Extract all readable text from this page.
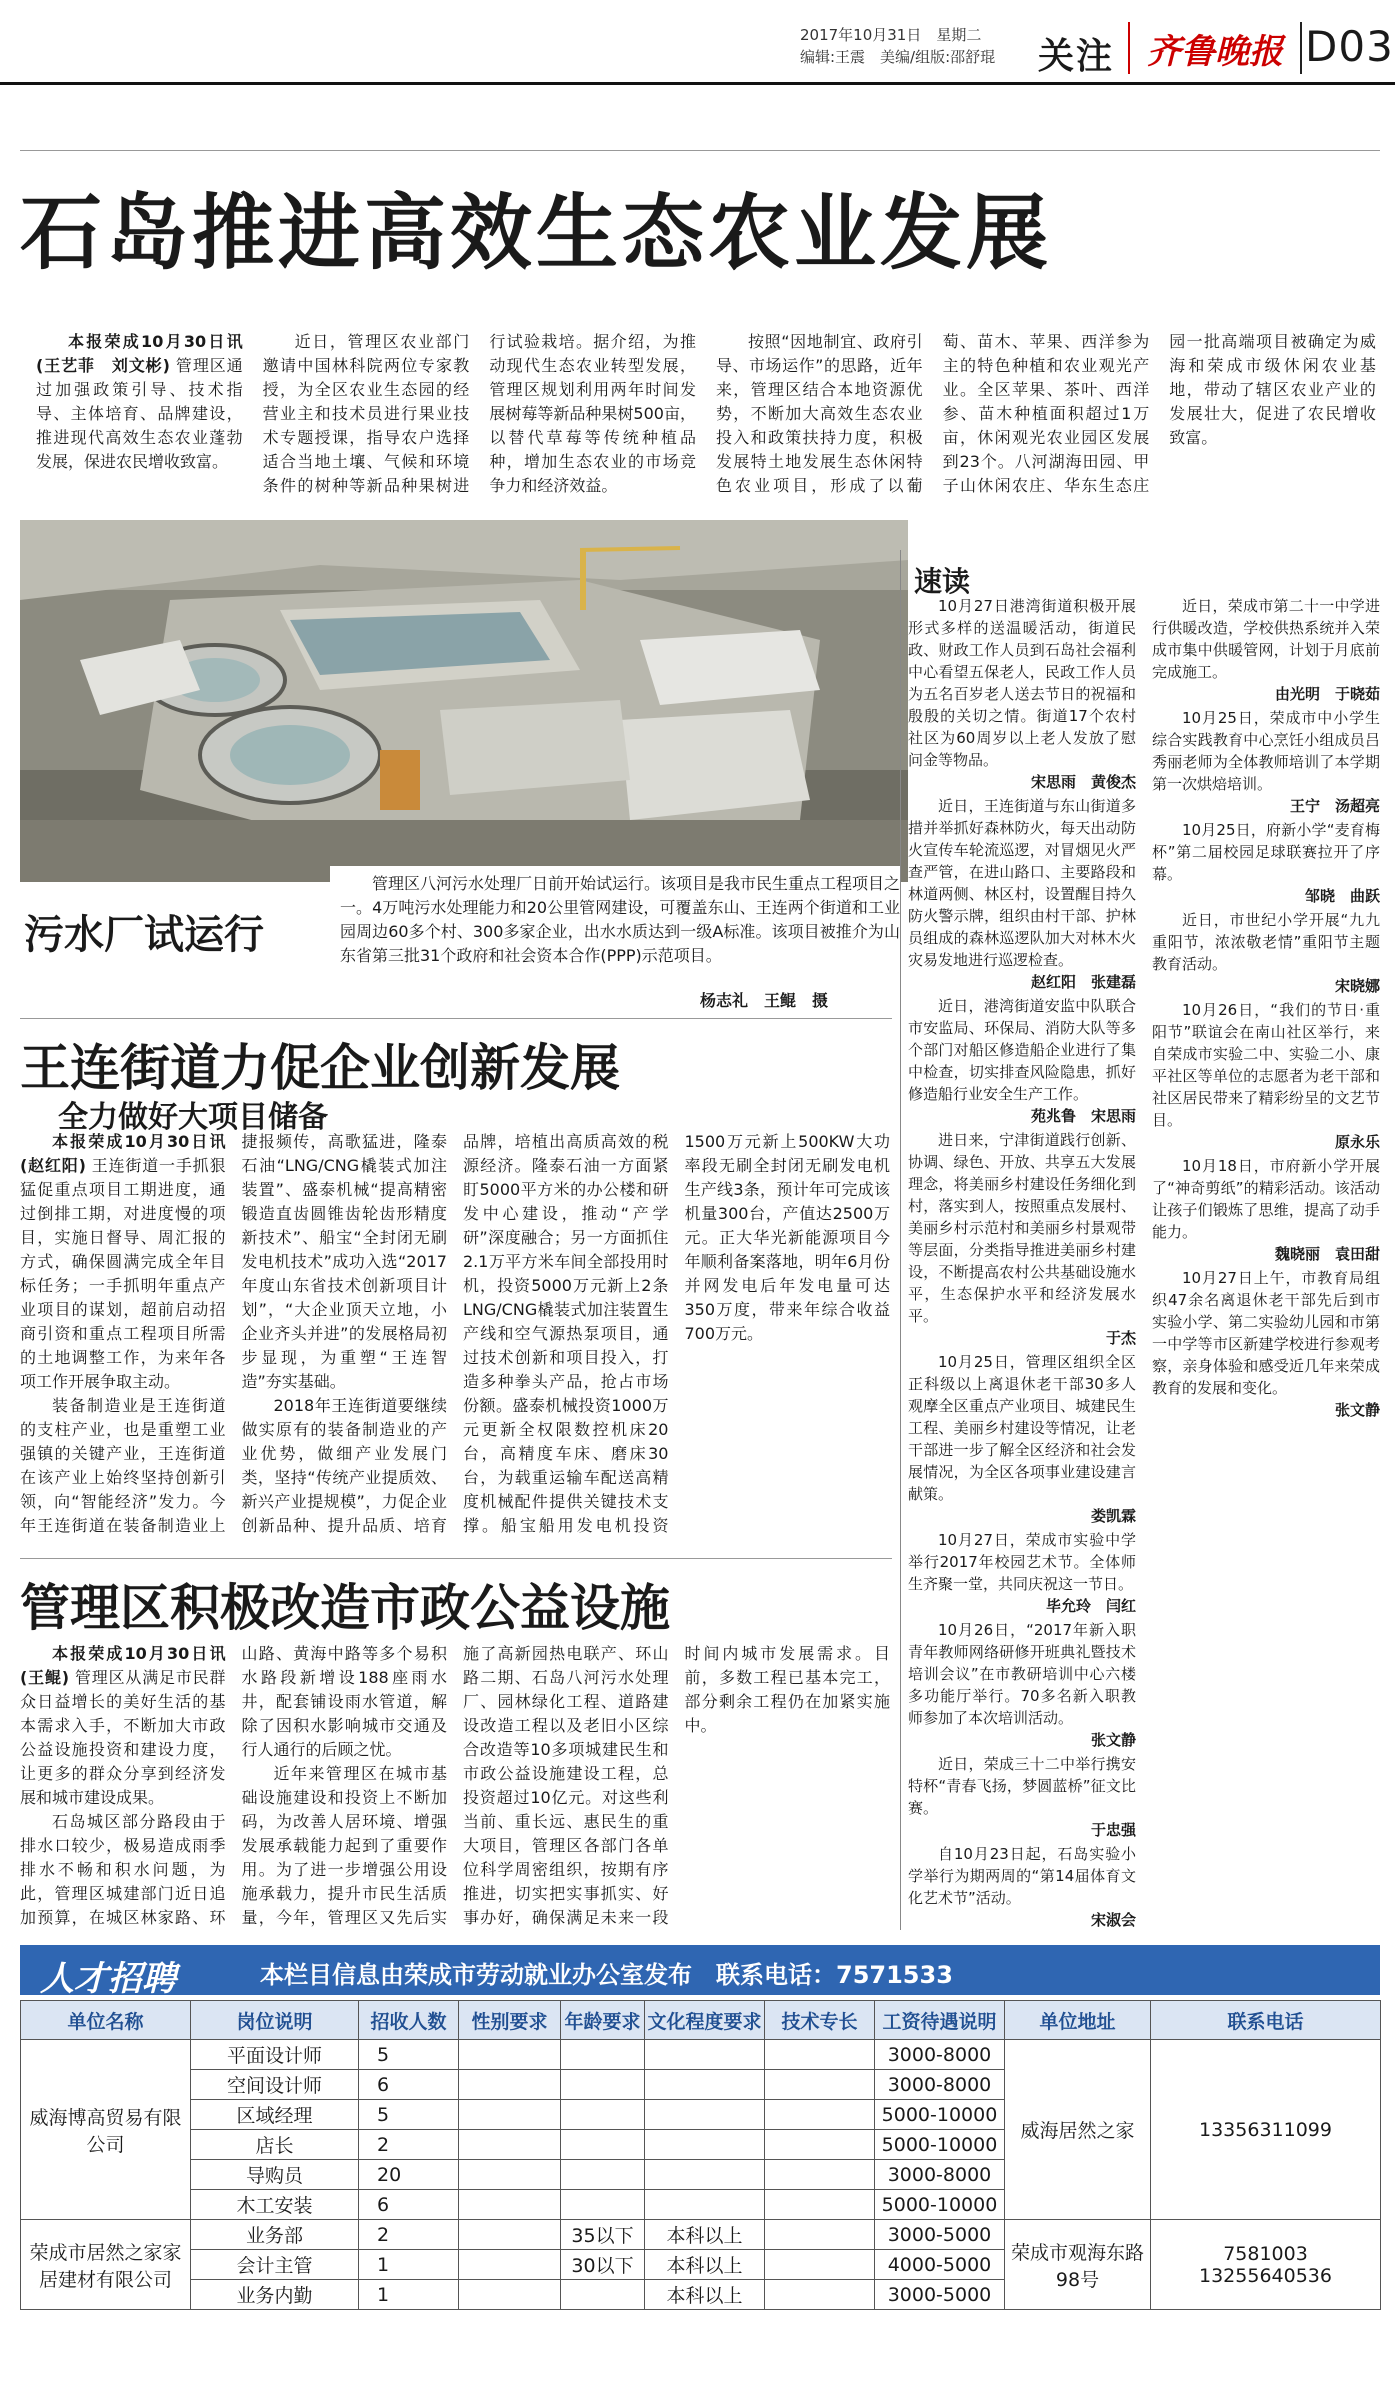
2017年10月31日　 星期二
编辑:王震　美编/组版:邵舒琨	关注 齐鲁晚报 D03
石岛推进高效生态农业发展

本报荣成10月30日讯(王艺菲　刘文彬) 管理区通过加强政策引导、技术指导、主体培育、品牌建设，推进现代高效生态农业蓬勃发展，保进农民增收致富。

近日，管理区农业部门邀请中国林科院两位专家教授，为全区农业生态园的经营业主和技术员进行果业技术专题授课，指导农户选择适合当地土壤、气候和环境条件的树种等新品种果树进行试验栽培。据介绍，为推动现代生态农业转型发展，管理区规划利用两年时间发展树莓等新品种果树500亩，以替代草莓等传统种植品种，增加生态农业的市场竞争力和经济效益。

按照“因地制宜、政府引导、市场运作”的思路，近年来，管理区结合本地资源优势，不断加大高效生态农业投入和政策扶持力度，积极发展特土地发展生态休闲特色农业项目，形成了以葡萄、苗木、苹果、西洋参为主的特色种植和农业观光产业。全区苹果、茶叶、西洋参、苗木种植面积超过1万亩，休闲观光农业园区发展到23个。八河湖海田园、甲子山休闲农庄、华东生态庄园一批高端项目被确定为威海和荣成市级休闲农业基地，带动了辖区农业产业的发展壮大，促进了农民增收致富。

污水厂试运行

管理区八河污水处理厂日前开始试运行。该项目是我市民生重点工程项目之一。4万吨污水处理能力和20公里管网建设，可覆盖东山、王连两个街道和工业园周边60多个村、300多家企业，出水水质达到一级A标准。该项目被推介为山东省第三批31个政府和社会资本合作(PPP)示范项目。

杨志礼　王鲲　摄
速读
10月27日港湾街道积极开展形式多样的送温暖活动，街道民政、财政工作人员到石岛社会福利中心看望五保老人，民政工作人员为五名百岁老人送去节日的祝福和殷殷的关切之情。街道17个农村社区为60周岁以上老人发放了慰问金等物品。
宋思雨　黄俊杰
近日，王连街道与东山街道多措并举抓好森林防火，每天出动防火宣传车轮流巡逻，对冒烟见火严查严管，在进山路口、主要路段和林道两侧、林区村，设置醒目持久防火警示牌，组织由村干部、护林员组成的森林巡逻队加大对林木火灾易发地进行巡逻检查。
赵红阳　张建磊
近日，港湾街道安监中队联合市安监局、环保局、消防大队等多个部门对船区修造船企业进行了集中检查，切实排查风险隐患，抓好修造船行业安全生产工作。
苑兆鲁　宋思雨
进日来，宁津街道践行创新、协调、绿色、开放、共享五大发展理念，将美丽乡村建设任务细化到村，落实到人，按照重点发展村、美丽乡村示范村和美丽乡村景观带等层面，分类指导推进美丽乡村建设，不断提高农村公共基础设施水平，生态保护水平和经济发展水平。
于杰
10月25日，管理区组织全区正科级以上离退休老干部30多人观摩全区重点产业项目、城建民生工程、美丽乡村建设等情况，让老干部进一步了解全区经济和社会发展情况，为全区各项事业建设建言献策。
娄凯霖
10月27日，荣成市实验中学举行2017年校园艺术节。全体师生齐聚一堂，共同庆祝这一节日。
毕允玲　闫红
10月26日，“2017年新入职青年教师网络研修开班典礼暨技术培训会议”在市教研培训中心六楼多功能厅举行。70多名新入职教师参加了本次培训活动。
张文静
近日，荣成三十二中举行携安特杯“青春飞扬，梦圆蓝桥”征文比赛。
于忠强
自10月23日起，石岛实验小学举行为期两周的“第14届体育文化艺术节”活动。
宋淑会
近日，荣成市第二十一中学进行供暖改造，学校供热系统并入荣成市集中供暖管网，计划于月底前完成施工。
由光明　于晓茹
10月25日，荣成市中小学生综合实践教育中心烹饪小组成员吕秀丽老师为全体教师培训了本学期第一次烘焙培训。
王宁　汤超亮
10月25日，府新小学“麦育梅杯”第二届校园足球联赛拉开了序幕。
邹晓　曲跃
近日，市世纪小学开展“九九重阳节，浓浓敬老情”重阳节主题教育活动。
宋晓娜
10月26日，“我们的节日·重阳节”联谊会在南山社区举行，来自荣成市实验二中、实验二小、康平社区等单位的志愿者为老干部和社区居民带来了精彩纷呈的文艺节目。
原永乐
10月18日，市府新小学开展了“神奇剪纸”的精彩活动。该活动让孩子们锻炼了思维，提高了动手能力。
魏晓丽　袁田甜
10月27日上午，市教育局组织47余名离退休老干部先后到市实验小学、第二实验幼儿园和市第一中学等市区新建学校进行参观考察，亲身体验和感受近几年来荣成教育的发展和变化。
张文静
王连街道力促企业创新发展
全力做好大项目储备

本报荣成10月30日讯(赵红阳) 王连街道一手抓狠猛促重点项目工期进度，通过倒排工期，对进度慢的项目，实施日督导、周汇报的方式，确保圆满完成全年目标任务；一手抓明年重点产业项目的谋划，超前启动招商引资和重点工程项目所需的土地调整工作，为来年各项工作开展争取主动。

装备制造业是王连街道的支柱产业，也是重塑工业强镇的关键产业，王连街道在该产业上始终坚持创新引领，向“智能经济”发力。今年王连街道在装备制造业上捷报频传，高歌猛进，隆泰石油“LNG/CNG橇装式加注装置”、盛泰机械“提高精密锻造直齿圆锥齿轮齿形精度新技术”、船宝“全封闭无刷发电机技术”成功入选“2017年度山东省技术创新项目计划”，“大企业顶天立地，小企业齐头并进”的发展格局初步显现，为重塑“王连智造”夯实基础。

2018年王连街道要继续做实原有的装备制造业的产业优势，做细产业发展门类，坚持“传统产业提质效、新兴产业提规模”，力促企业创新品种、提升品质、培育品牌，培植出高质高效的税源经济。隆泰石油一方面紧盯5000平方米的办公楼和研发中心建设，推动“产学研”深度融合；另一方面抓住2.1万平方米车间全部投用时机，投资5000万元新上2条LNG/CNG橇装式加注装置生产线和空气源热泵项目，通过技术创新和项目投入，打造多种拳头产品，抢占市场份额。盛泰机械投资1000万元更新全权限数控机床20台，高精度车床、磨床30台，为载重运输车配送高精度机械配件提供关键技术支撑。船宝船用发电机投资1500万元新上500KW大功率段无刷全封闭无刷发电机生产线3条，预计年可完成该机量300台，产值达2500万元。正大华光新能源项目今年顺利备案落地，明年6月份并网发电后年发电量可达350万度，带来年综合收益700万元。

管理区积极改造市政公益设施

本报荣成10月30日讯(王鲲) 管理区从满足市民群众日益增长的美好生活的基本需求入手，不断加大市政公益设施投资和建设力度，让更多的群众分享到经济发展和城市建设成果。

石岛城区部分路段由于排水口较少，极易造成雨季排水不畅和积水问题，为此，管理区城建部门近日追加预算，在城区林家路、环山路、黄海中路等多个易积水路段新增设188座雨水井，配套铺设雨水管道，解除了因积水影响城市交通及行人通行的后顾之忧。

近年来管理区在城市基础设施建设和投资上不断加码，为改善人居环境、增强发展承载能力起到了重要作用。为了进一步增强公用设施承载力，提升市民生活质量，今年，管理区又先后实施了高新园热电联产、环山路二期、石岛八河污水处理厂、园林绿化工程、道路建设改造工程以及老旧小区综合改造等10多项城建民生和市政公益设施建设工程，总投资超过10亿元。对这些利当前、重长远、惠民生的重大项目，管理区各部门各单位科学周密组织，按期有序推进，切实把实事抓实、好事办好，确保满足未来一段时间内城市发展需求。目前，多数工程已基本完工，部分剩余工程仍在加紧实施中。

人才招聘	本栏目信息由荣成市劳动就业办公室发布　联系电话：7571533
单位名称	岗位说明	招收人数	性别要求	年龄要求	文化程度要求	技术专长	工资待遇说明	单位地址	联系电话
威海博高贸易有限公司	平面设计师	5					3000-8000	威海居然之家	13356311099
	空间设计师	6					3000-8000		
	区域经理	5					5000-10000		
	店长	2					5000-10000		
	导购员	20					3000-8000		
	木工安装	6					5000-10000		
荣成市居然之家家居建材有限公司	业务部	2		35以下	本科以上		3000-5000	荣成市观海东路98号	7581003
13255640536
	会计主管	1		30以下	本科以上		4000-5000		
	业务内勤	1			本科以上		3000-5000		
